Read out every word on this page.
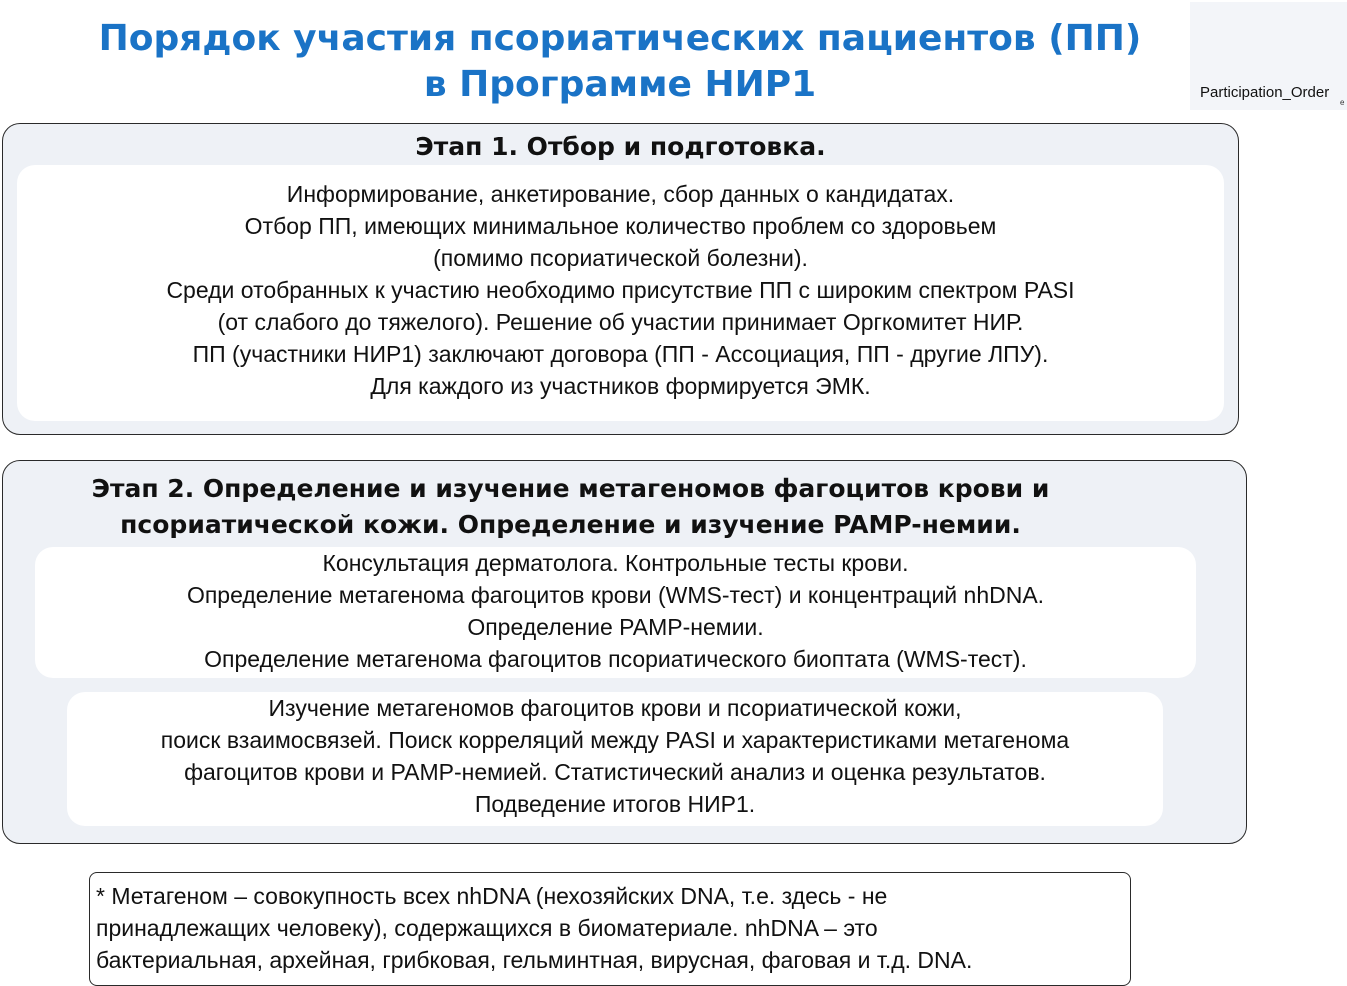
Порядок участия псориатических пациентов (ПП)
в Программе НИР1	Participation_Order
e
Этап 1. Отбор и подготовка.
Информирование, анкетирование, сбор данных о кандидатах.
Отбор ПП, имеющих минимальное количество проблем со здоровьем
(помимо псориатической болезни).
Среди отобранных к участию необходимо присутствие ПП с широким спектром PASI
(от слабого до тяжелого). Решение об участии принимает Оргкомитет НИР.
ПП (участники НИР1) заключают договора (ПП - Ассоциация, ПП - другие ЛПУ).
Для каждого из участников формируется ЭМК.
Этап 2. Определение и изучение метагеномов фагоцитов крови и
псориатической кожи. Определение и изучение PAMP-немии.
Консультация дерматолога. Контрольные тесты крови.
Определение метагенома фагоцитов крови (WMS-тест) и концентраций nhDNA.
Определение PAMP-немии.
Определение метагенома фагоцитов псориатического биоптата (WMS-тест).
Изучение метагеномов фагоцитов крови и псориатической кожи,
поиск взаимосвязей. Поиск корреляций между PASI и характеристиками метагенома
фагоцитов крови и PAMP-немией. Статистический анализ и оценка результатов.
Подведение итогов НИР1.
* Метагеном – совокупность всех nhDNA (нехозяйских DNA, т.е. здесь - не
принадлежащих человеку), содержащихся в биоматериале. nhDNA – это
бактериальная, архейная, грибковая, гельминтная, вирусная, фаговая и т.д. DNA.
